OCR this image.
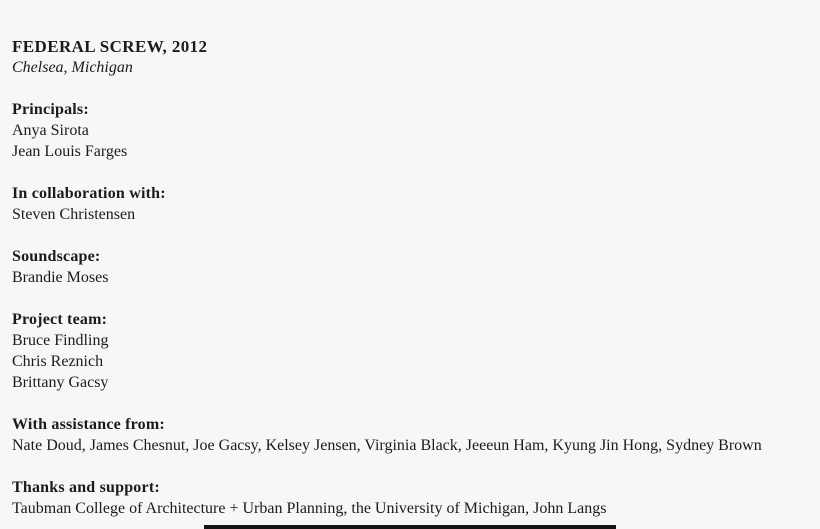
FEDERAL SCREW, 2012
Chelsea, Michigan
Principals:
Anya Sirota
Jean Louis Farges
In collaboration with:
Steven Christensen
Soundscape:
Brandie Moses
Project team:
Bruce Findling
Chris Reznich
Brittany Gacsy
With assistance from:
Nate Doud, James Chesnut, Joe Gacsy, Kelsey Jensen, Virginia Black, Jeeeun Ham, Kyung Jin Hong, Sydney Brown
Thanks and support:
Taubman College of Architecture + Urban Planning, the University of Michigan, John Langs
